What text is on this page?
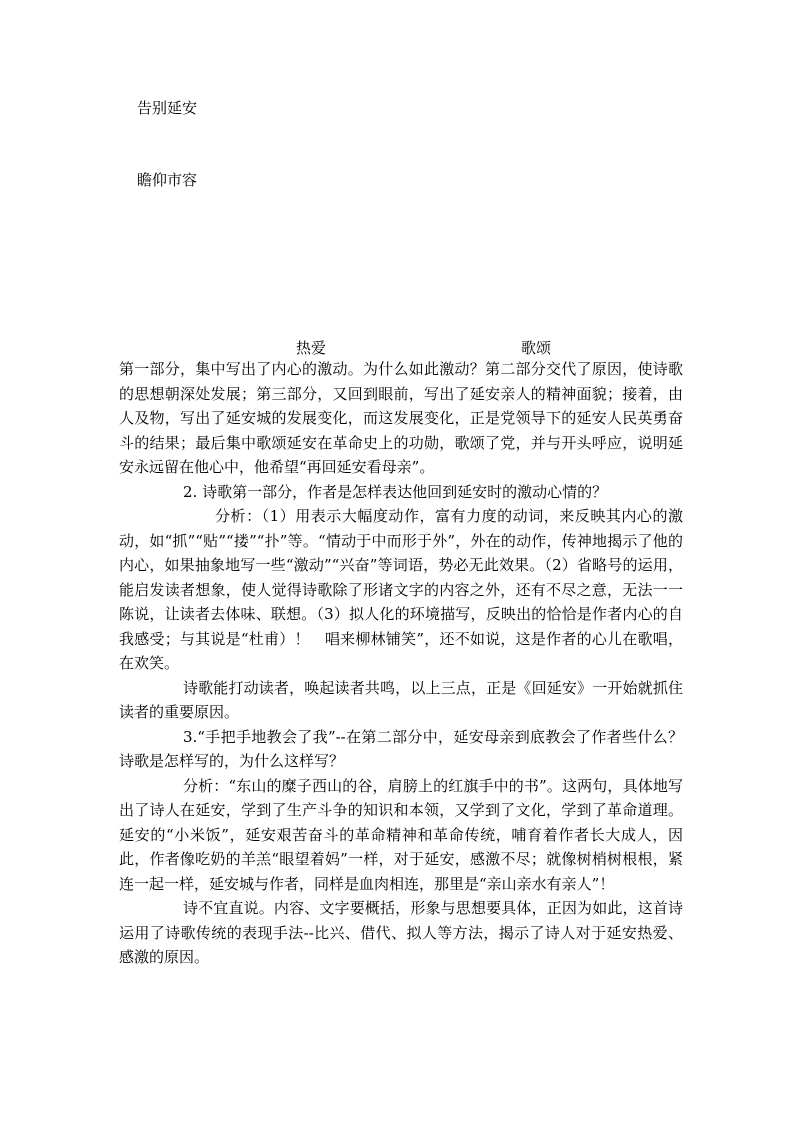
告别延安
瞻仰市容
热爱	歌颂

第一部分，集中写出了内心的激动。为什么如此激动？第二部分交代了原因，使诗歌的思想朝深处发展；第三部分，又回到眼前，写出了延安亲人的精神面貌；接着，由人及物，写出了延安城的发展变化，而这发展变化，正是党领导下的延安人民英勇奋斗的结果；最后集中歌颂延安在革命史上的功勋，歌颂了党，并与开头呼应，说明延安永远留在他心中，他希望“再回延安看母亲”。

2. 诗歌第一部分，作者是怎样表达他回到延安时的激动心情的？

分析：（1）用表示大幅度动作，富有力度的动词，来反映其内心的激动，如“抓”“贴”“搂”“扑”等。“情动于中而形于外”，外在的动作，传神地揭示了他的内心，如果抽象地写一些“激动”“兴奋”等词语，势必无此效果。（2）省略号的运用，能启发读者想象，使人觉得诗歌除了形诸文字的内容之外，还有不尽之意，无法一一陈说，让读者去体味、联想。（3）拟人化的环境描写，反映出的恰恰是作者内心的自我感受；与其说是“杜甫）！　唱来柳林铺笑”，还不如说，这是作者的心儿在歌唱，在欢笑。

诗歌能打动读者，唤起读者共鸣，以上三点，正是《回延安》一开始就抓住读者的重要原因。

3.“手把手地教会了我”--在第二部分中，延安母亲到底教会了作者些什么？诗歌是怎样写的，为什么这样写？

分析：“东山的糜子西山的谷，肩膀上的红旗手中的书”。这两句，具体地写出了诗人在延安，学到了生产斗争的知识和本领，又学到了文化，学到了革命道理。延安的“小米饭”，延安艰苦奋斗的革命精神和革命传统，哺育着作者长大成人，因此，作者像吃奶的羊羔“眼望着妈”一样，对于延安，感激不尽；就像树梢树根根，紧连一起一样，延安城与作者，同样是血肉相连，那里是“亲山亲水有亲人”！

诗不宜直说。内容、文字要概括，形象与思想要具体，正因为如此，这首诗运用了诗歌传统的表现手法--比兴、借代、拟人等方法，揭示了诗人对于延安热爱、感激的原因。
